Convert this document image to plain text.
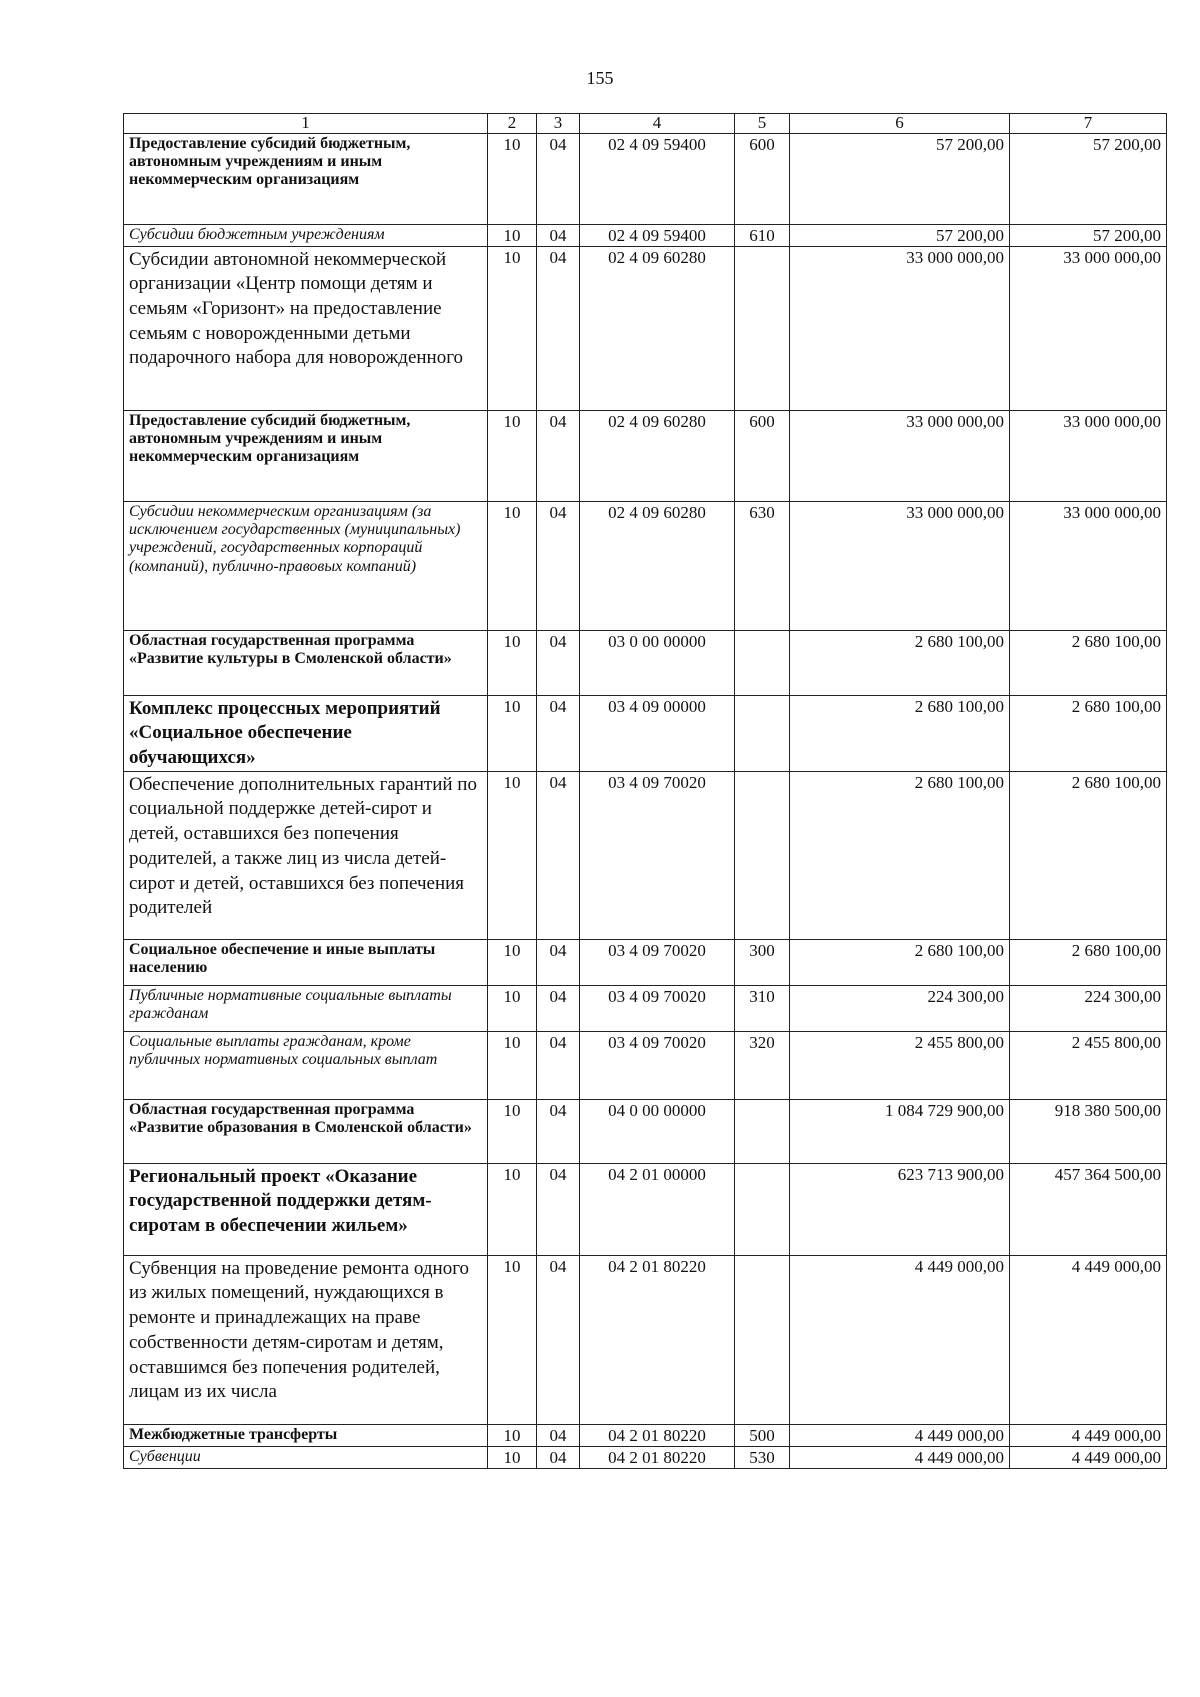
155
1	2	3	4	5	6	7
Предоставление субсидий бюджетным, автономным учреждениям и иным некоммерческим организациям	10	04	02 4 09 59400	600	57 200,00	57 200,00
Субсидии бюджетным учреждениям	10	04	02 4 09 59400	610	57 200,00	57 200,00
Субсидии автономной некоммерческой организации «Центр помощи детям и семьям «Горизонт» на предоставление семьям с новорожденными детьми подарочного набора для новорожденного	10	04	02 4 09 60280		33 000 000,00	33 000 000,00
Предоставление субсидий бюджетным, автономным учреждениям и иным некоммерческим организациям	10	04	02 4 09 60280	600	33 000 000,00	33 000 000,00
Субсидии некоммерческим организациям (за исключением государственных (муниципальных) учреждений, государственных корпораций (компаний), публично-правовых компаний)	10	04	02 4 09 60280	630	33 000 000,00	33 000 000,00
Областная государственная программа «Развитие культуры в Смоленской области»	10	04	03 0 00 00000		2 680 100,00	2 680 100,00
Комплекс процессных мероприятий «Социальное обеспечение обучающихся»	10	04	03 4 09 00000		2 680 100,00	2 680 100,00
Обеспечение дополнительных гарантий по социальной поддержке детей-сирот и детей, оставшихся без попечения родителей, а также лиц из числа детей-сирот и детей, оставшихся без попечения родителей	10	04	03 4 09 70020		2 680 100,00	2 680 100,00
Социальное обеспечение и иные выплаты населению	10	04	03 4 09 70020	300	2 680 100,00	2 680 100,00
Публичные нормативные социальные выплаты гражданам	10	04	03 4 09 70020	310	224 300,00	224 300,00
Социальные выплаты гражданам, кроме публичных нормативных социальных выплат	10	04	03 4 09 70020	320	2 455 800,00	2 455 800,00
Областная государственная программа «Развитие образования в Смоленской области»	10	04	04 0 00 00000		1 084 729 900,00	918 380 500,00
Региональный проект «Оказание государственной поддержки детям-сиротам в обеспечении жильем»	10	04	04 2 01 00000		623 713 900,00	457 364 500,00
Субвенция на проведение ремонта одного из жилых помещений, нуждающихся в ремонте и принадлежащих на праве собственности детям-сиротам и детям, оставшимся без попечения родителей, лицам из их числа	10	04	04 2 01 80220		4 449 000,00	4 449 000,00
Межбюджетные трансферты	10	04	04 2 01 80220	500	4 449 000,00	4 449 000,00
Субвенции	10	04	04 2 01 80220	530	4 449 000,00	4 449 000,00
